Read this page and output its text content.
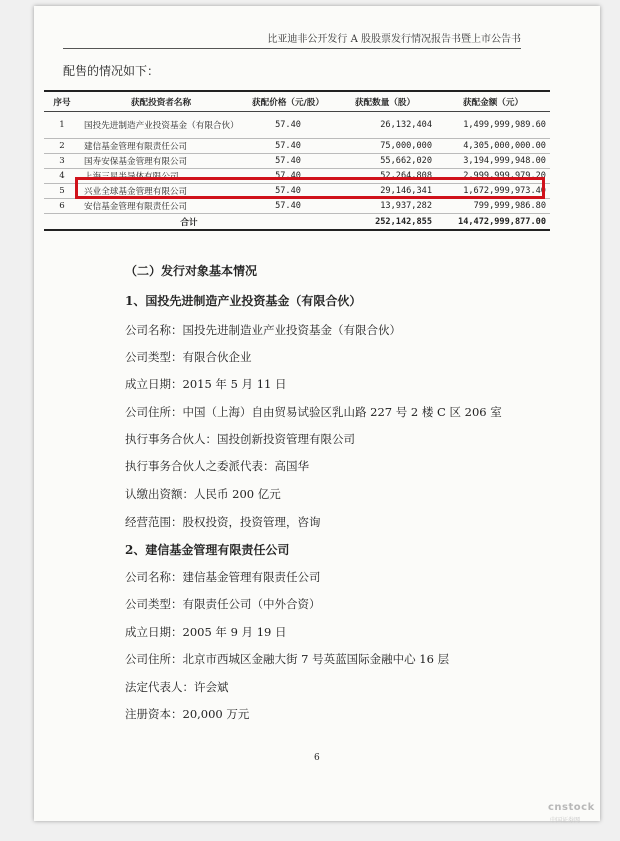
比亚迪非公开发行 A 股股票发行情况报告书暨上市公告书
配售的情况如下：
序号	获配投资者名称	获配价格（元/股）	获配数量（股）	获配金额（元）
1	国投先进制造产业投资基金（有限合伙）	57.40	26,132,404	1,499,999,989.60
2	建信基金管理有限责任公司	57.40	75,000,000	4,305,000,000.00
3	国寿安保基金管理有限公司	57.40	55,662,020	3,194,999,948.00
4	上海三星半导体有限公司	57.40	52,264,808	2,999,999,979.20
5	兴业全球基金管理有限公司	57.40	29,146,341	1,672,999,973.40
6	安信基金管理有限责任公司	57.40	13,937,282	799,999,986.80
合计			252,142,855	14,472,999,877.00
（二）发行对象基本情况
1、国投先进制造产业投资基金（有限合伙）
公司名称：国投先进制造业产业投资基金（有限合伙）
公司类型：有限合伙企业
成立日期：2015 年 5 月 11 日
公司住所：中国（上海）自由贸易试验区乳山路 227 号 2 楼 C 区 206 室
执行事务合伙人：国投创新投资管理有限公司
执行事务合伙人之委派代表：高国华
认缴出资额：人民币 200 亿元
经营范围：股权投资，投资管理，咨询
2、建信基金管理有限责任公司
公司名称：建信基金管理有限责任公司
公司类型：有限责任公司（中外合资）
成立日期：2005 年 9 月 19 日
公司住所：北京市西城区金融大街 7 号英蓝国际金融中心 16 层
法定代表人：许会斌
注册资本：20,000 万元
6
cnstock
中国证券网
